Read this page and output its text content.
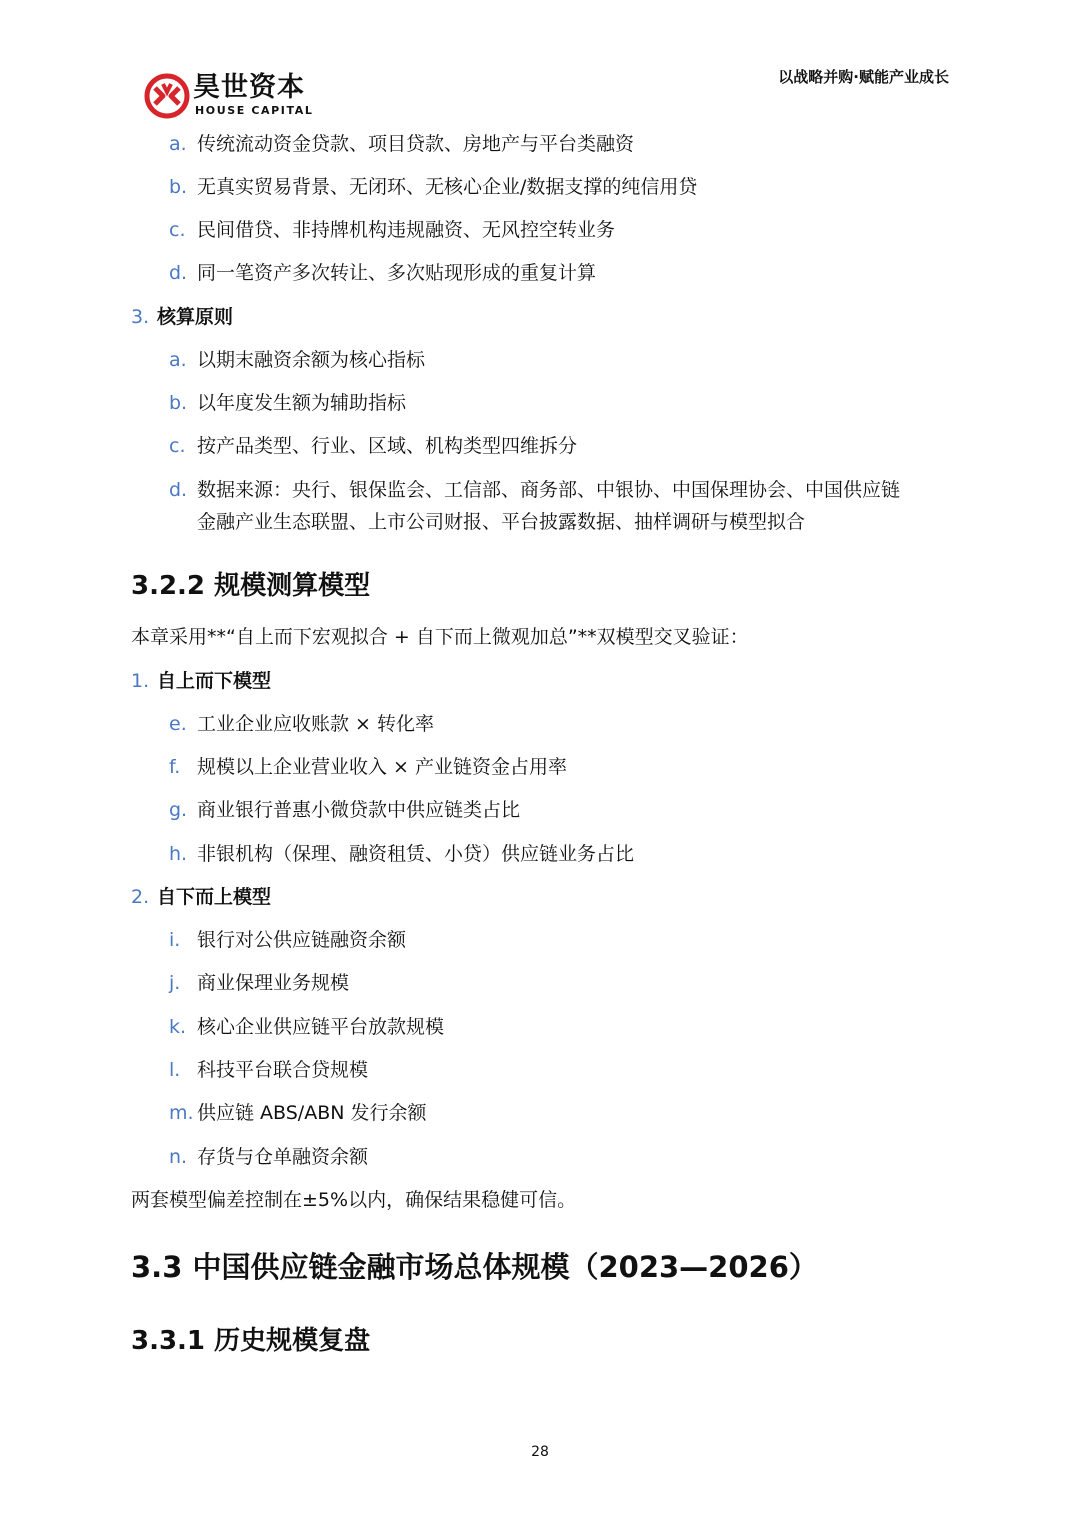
昊世资本
HOUSE CAPITAL
以战略并购·赋能产业成长
a. 传统流动资金贷款、项目贷款、房地产与平台类融资
b. 无真实贸易背景、无闭环、无核心企业/数据支撑的纯信用贷
c. 民间借贷、非持牌机构违规融资、无风控空转业务
d. 同一笔资产多次转让、多次贴现形成的重复计算
3. 核算原则
a. 以期末融资余额为核心指标
b. 以年度发生额为辅助指标
c. 按产品类型、行业、区域、机构类型四维拆分
d. 数据来源：央行、银保监会、工信部、商务部、中银协、中国保理协会、中国供应链
金融产业生态联盟、上市公司财报、平台披露数据、抽样调研与模型拟合
3.2.2 规模测算模型
本章采用**“自上而下宏观拟合 + 自下而上微观加总”**双模型交叉验证：
1. 自上而下模型
e. 工业企业应收账款 × 转化率
f. 规模以上企业营业收入 × 产业链资金占用率
g. 商业银行普惠小微贷款中供应链类占比
h. 非银机构（保理、融资租赁、小贷）供应链业务占比
2. 自下而上模型
i. 银行对公供应链融资余额
j. 商业保理业务规模
k. 核心企业供应链平台放款规模
l. 科技平台联合贷规模
m. 供应链 ABS/ABN 发行余额
n. 存货与仓单融资余额
两套模型偏差控制在±5%以内，确保结果稳健可信。
3.3 中国供应链金融市场总体规模（2023—2026）
3.3.1 历史规模复盘
28
